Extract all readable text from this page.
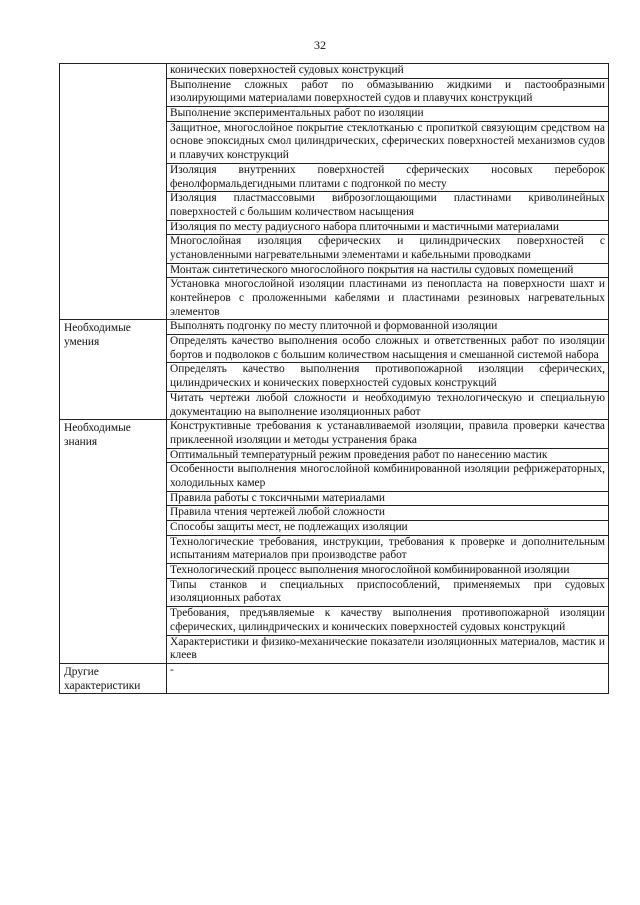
32
	конических поверхностей судовых конструкций
	Выполнение сложных работ по обмазыванию жидкими и пастообразными изолирующими материалами поверхностей судов и плавучих конструкций
	Выполнение экспериментальных работ по изоляции
	Защитное, многослойное покрытие стеклотканью с пропиткой связующим средством на основе эпоксидных смол цилиндрических, сферических поверхностей механизмов судов и плавучих конструкций
	Изоляция внутренних поверхностей сферических носовых переборок фенолформальдегидными плитами с подгонкой по месту
	Изоляция пластмассовыми виброзоглощающими пластинами криволинейных поверхностей с большим количеством насыщения
	Изоляция по месту радиусного набора плиточными и мастичными материалами
	Многослойная изоляция сферических и цилиндрических поверхностей с установленными нагревательными элементами и кабельными проводками
	Монтаж синтетического многослойного покрытия на настилы судовых помещений
	Установка многослойной изоляции пластинами из пенопласта на поверхности шахт и контейнеров с проложенными кабелями и пластинами резиновых нагревательных элементов
Необходимые умения	Выполнять подгонку по месту плиточной и формованной изоляции
	Определять качество выполнения особо сложных и ответственных работ по изоляции бортов и подволоков с большим количеством насыщения и смешанной системой набора
	Определять качество выполнения противопожарной изоляции сферических, цилиндрических и конических поверхностей судовых конструкций
	Читать чертежи любой сложности и необходимую технологическую и специальную документацию на выполнение изоляционных работ
Необходимые знания	Конструктивные требования к устанавливаемой изоляции, правила проверки качества приклеенной изоляции и методы устранения брака
	Оптимальный температурный режим проведения работ по нанесению мастик
	Особенности выполнения многослойной комбинированной изоляции рефрижераторных, холодильных камер
	Правила работы с токсичными материалами
	Правила чтения чертежей любой сложности
	Способы защиты мест, не подлежащих изоляции
	Технологические требования, инструкции, требования к проверке и дополнительным испытаниям материалов при производстве работ
	Технологический процесс выполнения многослойной комбинированной изоляции
	Типы станков и специальных приспособлений, применяемых при судовых изоляционных работах
	Требования, предъявляемые к качеству выполнения противопожарной изоляции сферических, цилиндрических и конических поверхностей судовых конструкций
	Характеристики и физико-механические показатели изоляционных материалов, мастик и клеев
Другие характеристики	-
